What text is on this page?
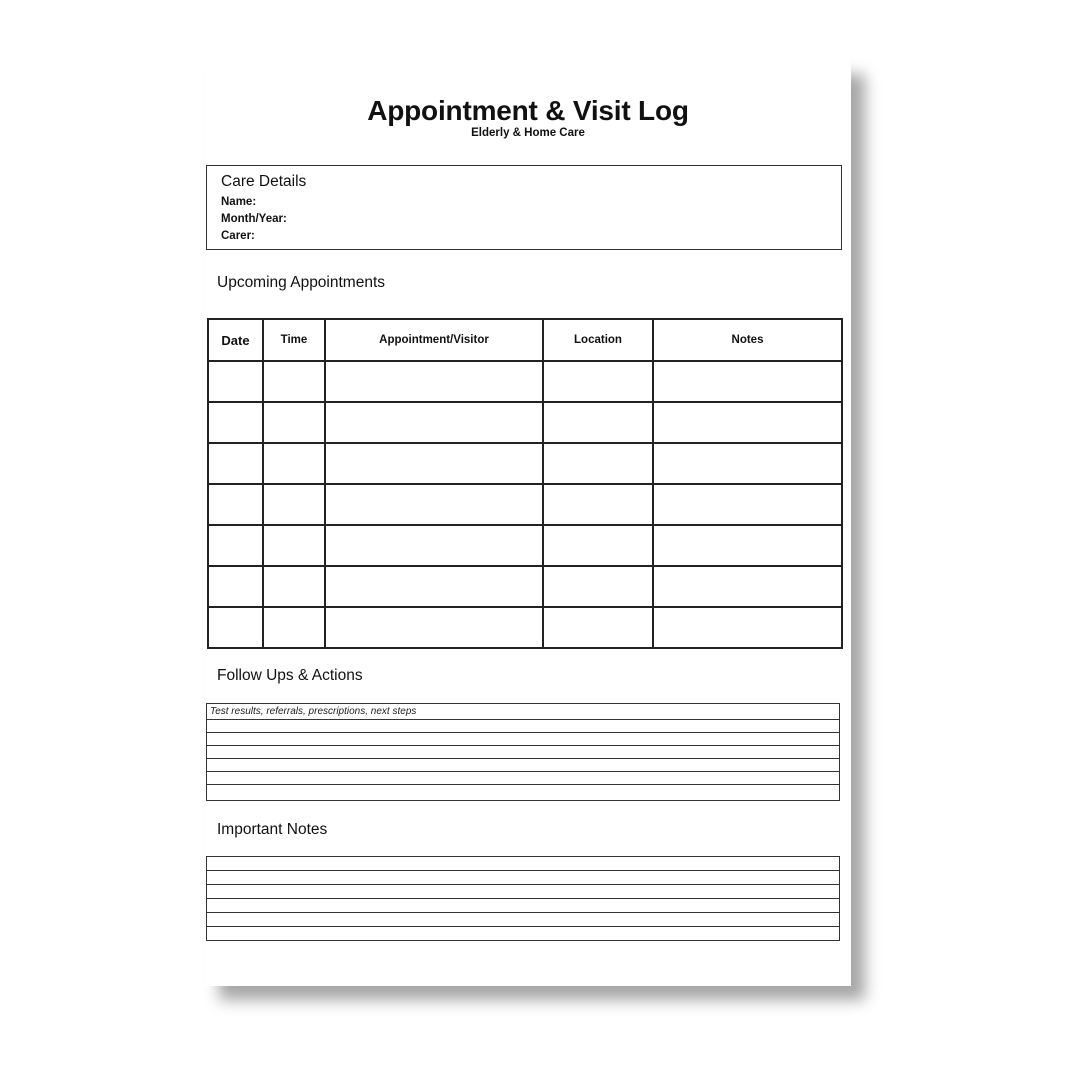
Appointment & Visit Log
Elderly & Home Care
Care Details
Name:
Month/Year:
Carer:
Upcoming Appointments
Date	Time	Appointment/Visitor	Location	Notes

Follow Ups & Actions
Test results, referrals, prescriptions, next steps
Important Notes
